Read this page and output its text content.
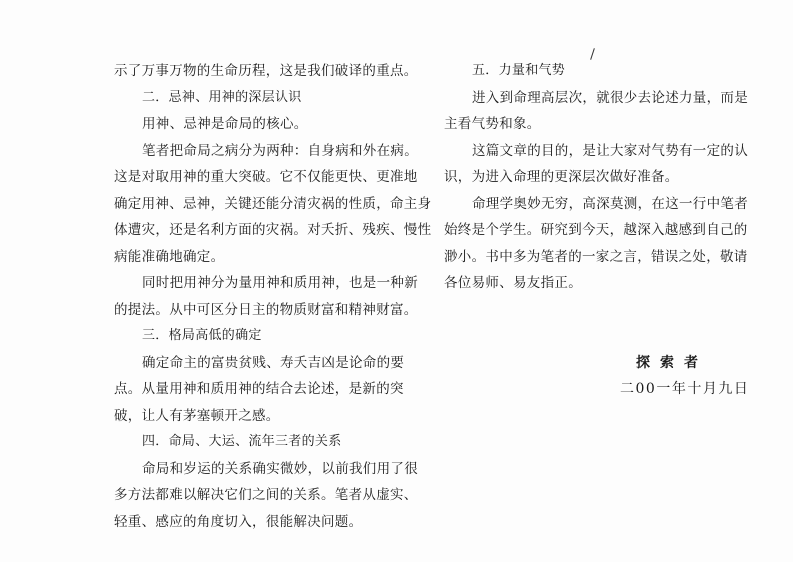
示了万事万物的生命历程，这是我们破译的重点。
二．忌神、用神的深层认识
用神、忌神是命局的核心。
笔者把命局之病分为两种：自身病和外在病。
这是对取用神的重大突破。它不仅能更快、更准地
确定用神、忌神，关键还能分清灾祸的性质，命主身
体遭灾，还是名利方面的灾祸。对夭折、残疾、慢性
病能准确地确定。
同时把用神分为量用神和质用神，也是一种新
的提法。从中可区分日主的物质财富和精神财富。
三．格局高低的确定
确定命主的富贵贫贱、寿夭吉凶是论命的要
点。从量用神和质用神的结合去论述，是新的突
破，让人有茅塞顿开之感。
四．命局、大运、流年三者的关系
命局和岁运的关系确实微妙，以前我们用了很
多方法都难以解决它们之间的关系。笔者从虚实、
轻重、感应的角度切入，很能解决问题。
五．力量和气势
进入到命理高层次，就很少去论述力量，而是
主看气势和象。
这篇文章的目的，是让大家对气势有一定的认
识，为进入命理的更深层次做好准备。
命理学奥妙无穷，高深莫测，在这一行中笔者
始终是个学生。研究到今天，越深入越感到自己的
渺小。书中多为笔者的一家之言，错误之处，敬请
各位易师、易友指正。
探索者
二00一年十月九日
